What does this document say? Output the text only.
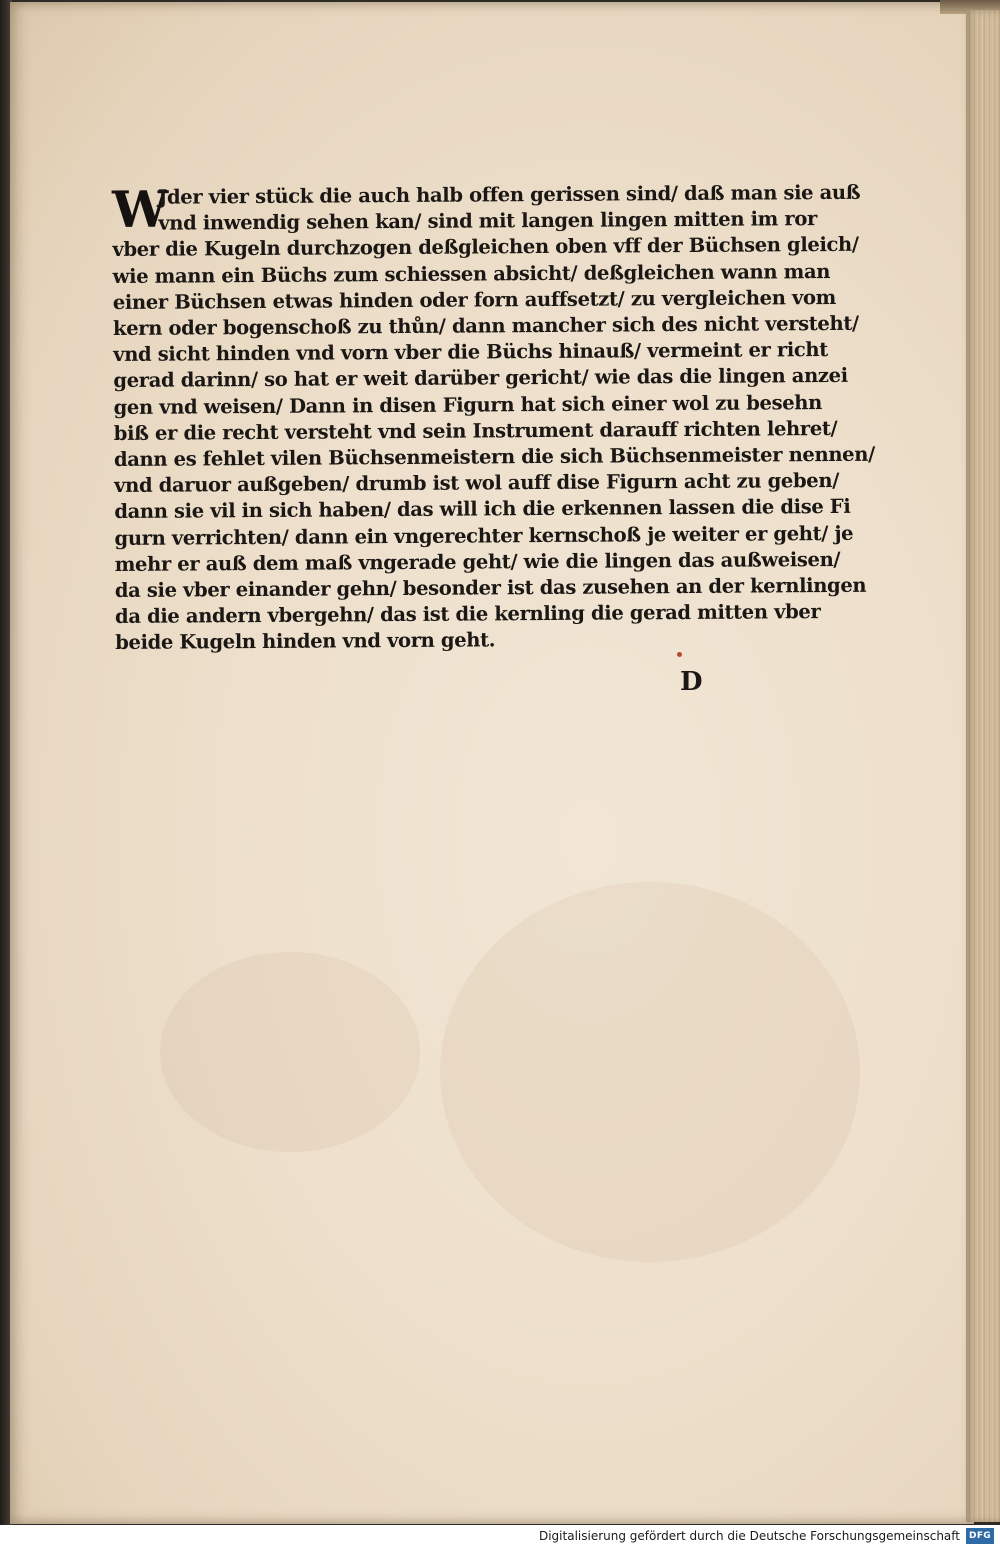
W
Jder vier stück die auch halb offen gerissen sind/ daß man sie auß
vnd inwendig sehen kan/ sind mit langen lingen mitten im ror
vber die Kugeln durchzogen deßgleichen oben vff der Büchsen gleich/
wie mann ein Büchs zum schiessen absicht/ deßgleichen wann man
einer Büchsen etwas hinden oder forn auffsetzt/ zu vergleichen vom
kern oder bogenschoß zu thůn/ dann mancher sich des nicht versteht/
vnd sicht hinden vnd vorn vber die Büchs hinauß/ vermeint er richt
gerad darinn/ so hat er weit darüber gericht/ wie das die lingen anzei
gen vnd weisen/ Dann in disen Figurn hat sich einer wol zu besehn
biß er die recht versteht vnd sein Instrument darauff richten lehret/
dann es fehlet vilen Büchsenmeistern die sich Büchsenmeister nennen/
vnd daruor außgeben/ drumb ist wol auff dise Figurn acht zu geben/
dann sie vil in sich haben/ das will ich die erkennen lassen die dise Fi
gurn verrichten/ dann ein vngerechter kernschoß je weiter er geht/ je
mehr er auß dem maß vngerade geht/ wie die lingen das außweisen/
da sie vber einander gehn/ besonder ist das zusehen an der kernlingen
da die andern vbergehn/ das ist die kernling die gerad mitten vber
beide Kugeln hinden vnd vorn geht.
D
Digitalisierung gefördert durch die Deutsche Forschungsgemeinschaft	DFG
